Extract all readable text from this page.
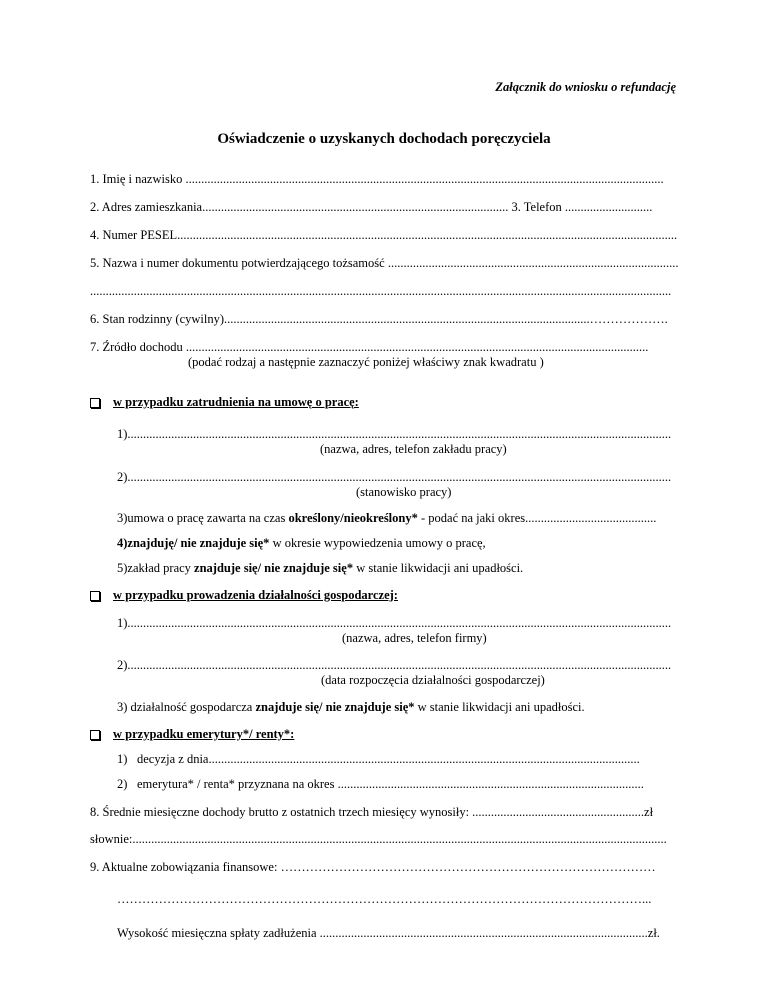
Załącznik do wniosku o refundację
Oświadczenie o uzyskanych dochodach poręczyciela
1. Imię i nazwisko .........................................................................................................................................................
2. Adres zamieszkania.................................................................................................. 3. Telefon ............................
4. Numer PESEL................................................................................................................................................................
5. Nazwa i numer dokumentu potwierdzającego tożsamość .............................................................................................
..........................................................................................................................................................................................
6. Stan rodzinny (cywilny).....................................................................................................................……………….
7. Źródło dochodu ....................................................................................................................................................
(podać rodzaj a następnie zaznaczyć poniżej właściwy znak kwadratu )
w przypadku zatrudnienia na umowę o pracę:
1)..............................................................................................................................................................................
(nazwa, adres, telefon zakładu pracy)
2)..............................................................................................................................................................................
(stanowisko pracy)
3)umowa o pracę zawarta na czas określony/nieokreślony* - podać na jaki okres..........................................
4)znajduję/ nie znajduje się* w okresie wypowiedzenia umowy o pracę,
5)zakład pracy znajduje się/ nie znajduje się* w stanie likwidacji ani upadłości.
w przypadku prowadzenia działalności gospodarczej:
1)..............................................................................................................................................................................
(nazwa, adres, telefon firmy)
2)..............................................................................................................................................................................
(data rozpoczęcia działalności gospodarczej)
3) działalność gospodarcza znajduje się/ nie znajduje się* w stanie likwidacji ani upadłości.
w przypadku emerytury*/ renty*:
1) decyzja z dnia..........................................................................................................................................
2) emerytura* / renta* przyznana na okres ..................................................................................................
8. Średnie miesięczne dochody brutto z ostatnich trzech miesięcy wynosiły: .......................................................zł
słownie:...........................................................................................................................................................................
9. Aktualne zobowiązania finansowe: ………………………………………………………………………………
………………………………………………………………………………………………………………...
Wysokość miesięczna spłaty zadłużenia .........................................................................................................zł.
